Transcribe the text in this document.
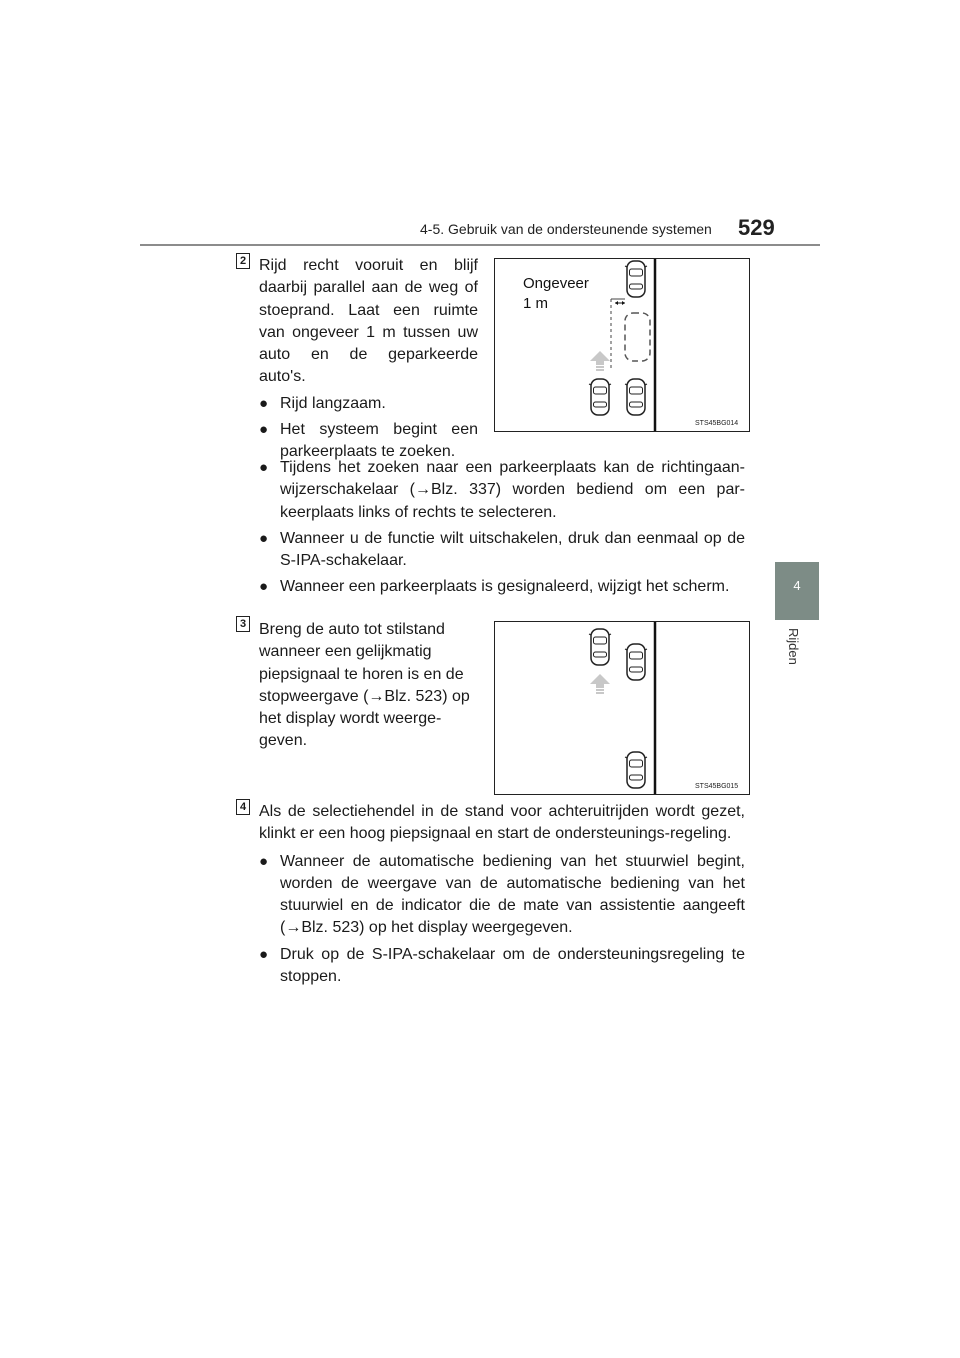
4-5. Gebruik van de ondersteunende systemen 529
4
Rijden
2 Rijd recht vooruit en blijf daarbij parallel aan de weg of stoeprand. Laat een ruimte van ongeveer 1 m tussen uw auto en de geparkeerde auto's.
● Rijd langzaam.
● Het systeem begint een parkeerplaats te zoeken.
Ongeveer
1 m
STS45BG014
● Tijdens het zoeken naar een parkeerplaats kan de richtingaan-wijzerschakelaar (→Blz. 337) worden bediend om een par-keerplaats links of rechts te selecteren.
● Wanneer u de functie wilt uitschakelen, druk dan eenmaal op de S-IPA-schakelaar.
● Wanneer een parkeerplaats is gesignaleerd, wijzigt het scherm.
3 Breng de auto tot stilstand wanneer een gelijkmatig piepsignaal te horen is en de stopweergave (→Blz. 523) op het display wordt weerge-geven.
STS45BG015
4 Als de selectiehendel in de stand voor achteruitrijden wordt gezet, klinkt er een hoog piepsignaal en start de ondersteunings-regeling.
● Wanneer de automatische bediening van het stuurwiel begint, worden de weergave van de automatische bediening van het stuurwiel en de indicator die de mate van assistentie aangeeft (→Blz. 523) op het display weergegeven.
● Druk op de S-IPA-schakelaar om de ondersteuningsregeling te stoppen.
